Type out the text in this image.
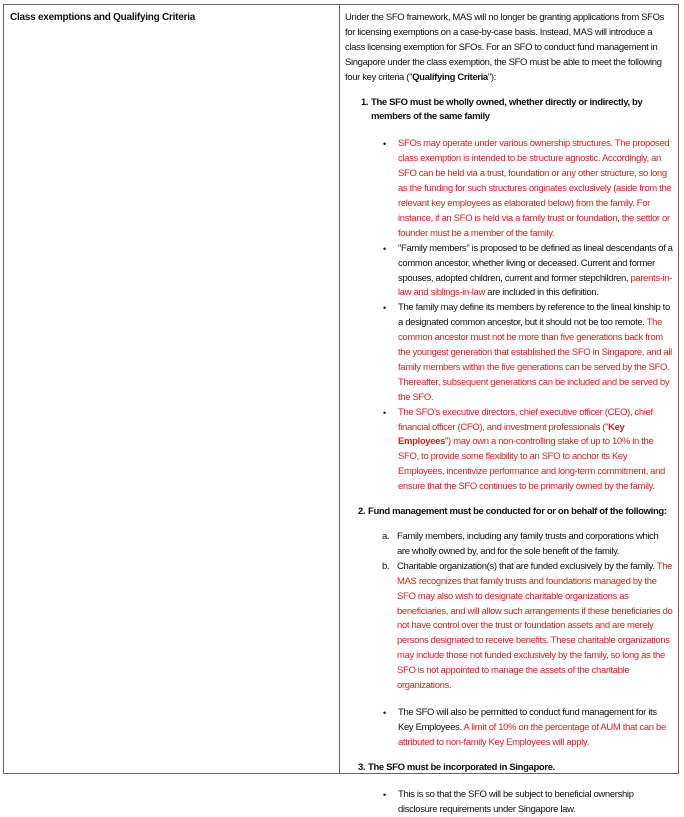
Class exemptions and Qualifying Criteria	Under the SFO framework, MAS will no longer be granting applications from SFOs for licensing exemptions on a case-by-case basis. Instead, MAS will introduce a class licensing exemption for SFOs. For an SFO to conduct fund management in Singapore under the class exemption, the SFO must be able to meet the following four key criteria ("Qualifying Criteria"):

1. The SFO must be wholly owned, whether directly or indirectly, by members of the same family
• SFOs may operate under various ownership structures. The proposed class exemption is intended to be structure agnostic. Accordingly, an SFO can be held via a trust, foundation or any other structure, so long as the funding for such structures originates exclusively (aside from the relevant key employees as elaborated below) from the family. For instance, if an SFO is held via a family trust or foundation, the settlor or founder must be a member of the family.
• "Family members" is proposed to be defined as lineal descendants of a common ancestor, whether living or deceased. Current and former spouses, adopted children, current and former stepchildren, parents-in-law and siblings-in-law are included in this definition.
• The family may define its members by reference to the lineal kinship to a designated common ancestor, but it should not be too remote. The common ancestor must not be more than five generations back from the youngest generation that established the SFO in Singapore, and all family members within the five generations can be served by the SFO. Thereafter, subsequent generations can be included and be served by the SFO.
• The SFO's executive directors, chief executive officer (CEO), chief financial officer (CFO), and investment professionals ("Key Employees") may own a non-controlling stake of up to 10% in the SFO, to provide some flexibility to an SFO to anchor its Key Employees, incentivize performance and long-term commitment, and ensure that the SFO continues to be primarily owned by the family.
2. Fund management must be conducted for or on behalf of the following:
a. Family members, including any family trusts and corporations which are wholly owned by, and for the sole benefit of the family.
b. Charitable organization(s) that are funded exclusively by the family. The MAS recognizes that family trusts and foundations managed by the SFO may also wish to designate charitable organizations as beneficiaries, and will allow such arrangements if these beneficiaries do not have control over the trust or foundation assets and are merely persons designated to receive benefits. These charitable organizations may include those not funded exclusively by the family, so long as the SFO is not appointed to manage the assets of the charitable organizations.
• The SFO will also be permitted to conduct fund management for its Key Employees. A limit of 10% on the percentage of AUM that can be attributed to non-family Key Employees will apply.
3. The SFO must be incorporated in Singapore.
• This is so that the SFO will be subject to beneficial ownership disclosure requirements under Singapore law.
